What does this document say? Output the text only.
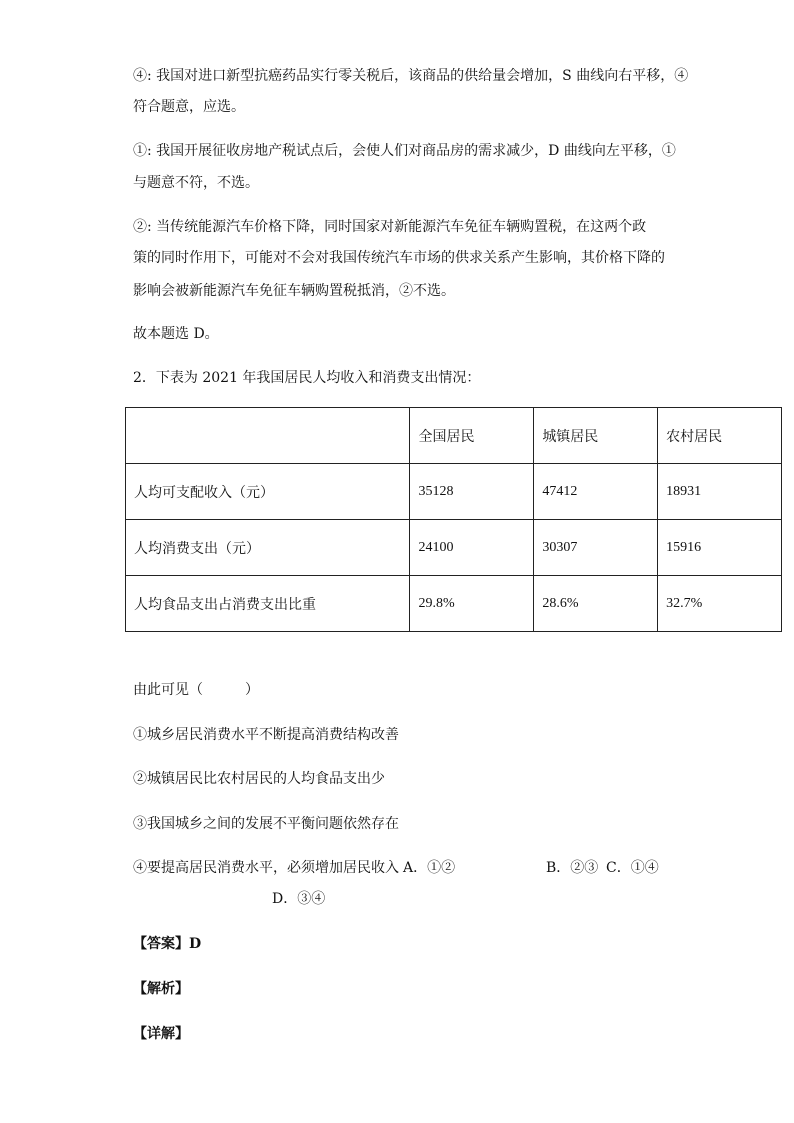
④: 我国对进口新型抗癌药品实行零关税后，该商品的供给量会增加，S 曲线向右平移，④
符合题意，应选。
①: 我国开展征收房地产税试点后，会使人们对商品房的需求减少，D 曲线向左平移，①
与题意不符，不选。
②: 当传统能源汽车价格下降，同时国家对新能源汽车免征车辆购置税，在这两个政
策的同时作用下，可能对不会对我国传统汽车市场的供求关系产生影响，其价格下降的
影响会被新能源汽车免征车辆购置税抵消，②不选。
故本题选 D。
2．下表为 2021 年我国居民人均收入和消费支出情况：
	全国居民	城镇居民	农村居民
人均可支配收入（元）	35128	47412	18931
人均消费支出（元）	24100	30307	15916
人均食品支出占消费支出比重	29.8%	28.6%	32.7%
由此可见（　　　）
①城乡居民消费水平不断提高消费结构改善
②城镇居民比农村居民的人均食品支出少
③我国城乡之间的发展不平衡问题依然存在
④要提高居民消费水平，必须增加居民收入 A．①②	B．②③ C．①④
D．③④
【答案】D
【解析】
【详解】
